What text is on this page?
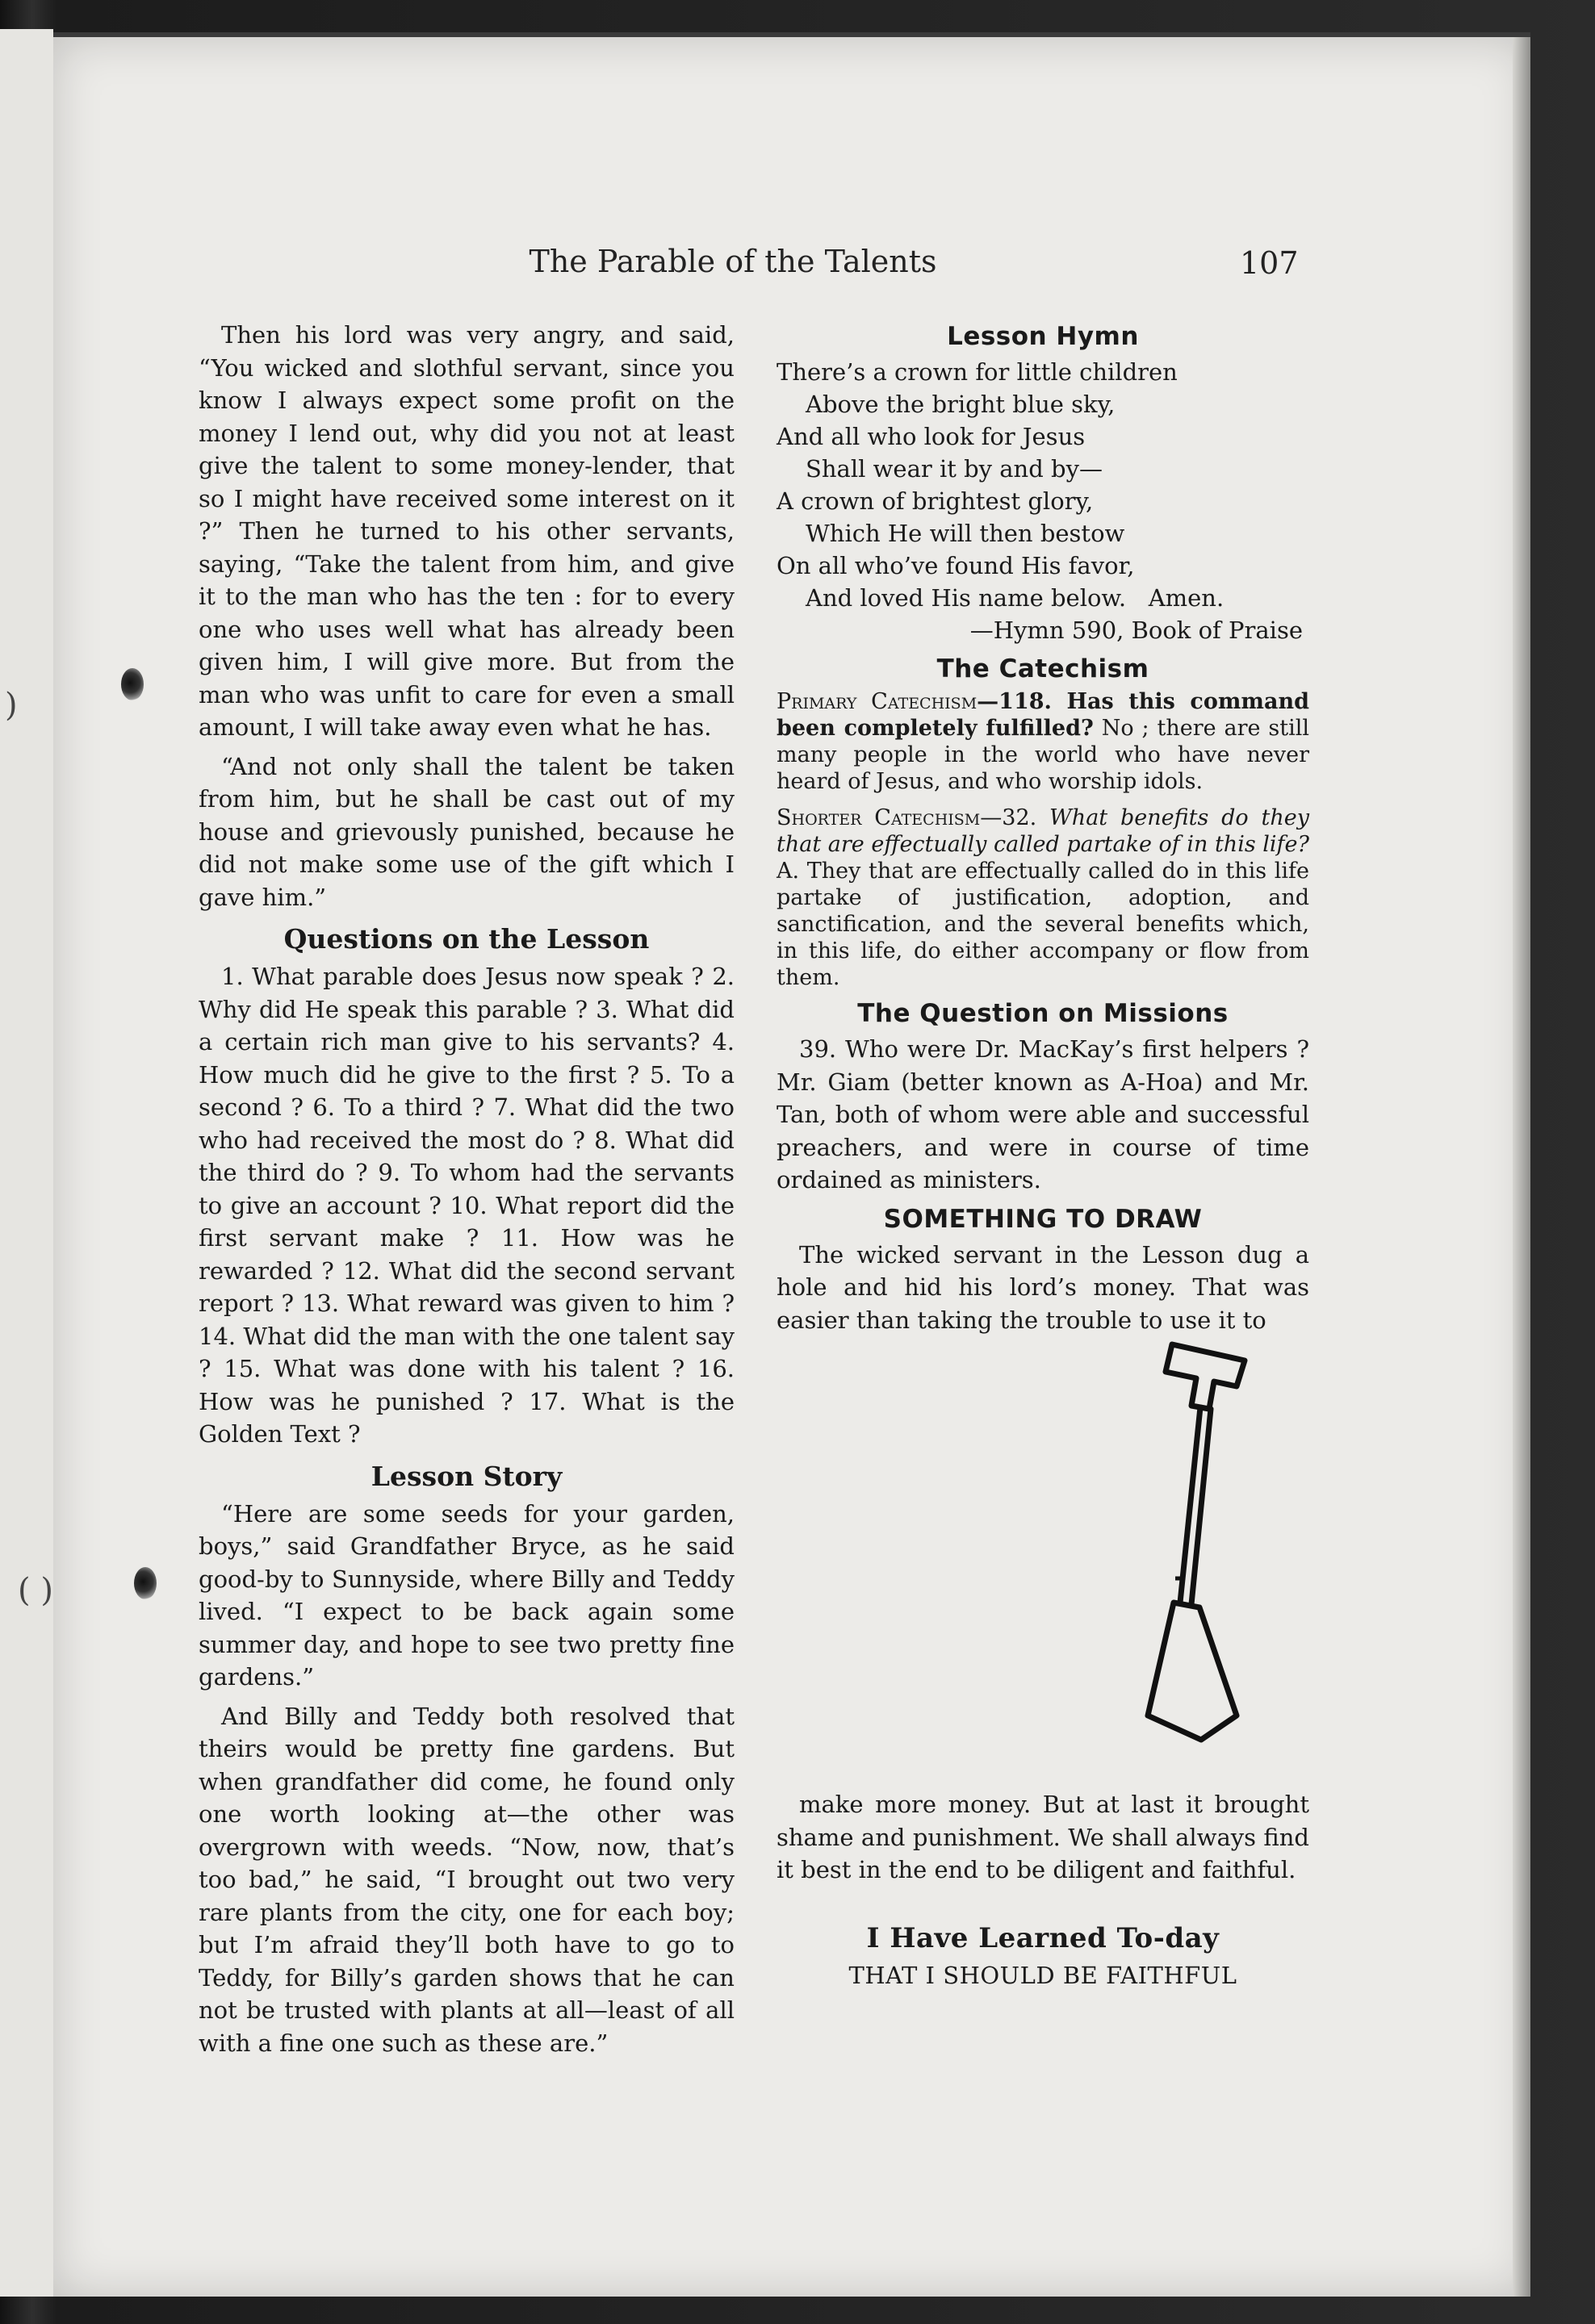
)
( )
The Parable of the Talents	107

Then his lord was very angry, and said, “You wicked and slothful servant, since you know I always expect some profit on the money I lend out, why did you not at least give the talent to some money-lender, that so I might have received some interest on it ?” Then he turned to his other servants, saying, “Take the talent from him, and give it to the man who has the ten : for to every one who uses well what has already been given him, I will give more. But from the man who was unfit to care for even a small amount, I will take away even what he has.

“And not only shall the talent be taken from him, but he shall be cast out of my house and grievously punished, because he did not make some use of the gift which I gave him.”

Questions on the Lesson

1. What parable does Jesus now speak ? 2. Why did He speak this parable ? 3. What did a certain rich man give to his servants? 4. How much did he give to the first ? 5. To a second ? 6. To a third ? 7. What did the two who had received the most do ? 8. What did the third do ? 9. To whom had the servants to give an account ? 10. What report did the first servant make ? 11. How was he rewarded ? 12. What did the second servant report ? 13. What reward was given to him ? 14. What did the man with the one talent say ? 15. What was done with his talent ? 16. How was he punished ? 17. What is the Golden Text ?

Lesson Story

“Here are some seeds for your garden, boys,” said Grandfather Bryce, as he said good-by to Sunnyside, where Billy and Teddy lived. “I expect to be back again some summer day, and hope to see two pretty fine gardens.”

And Billy and Teddy both resolved that theirs would be pretty fine gardens. But when grandfather did come, he found only one worth looking at—the other was overgrown with weeds. “Now, now, that’s too bad,” he said, “I brought out two very rare plants from the city, one for each boy; but I’m afraid they’ll both have to go to Teddy, for Billy’s garden shows that he can not be trusted with plants at all—least of all with a fine one such as these are.”

Lesson Hymn
There’s a crown for little children
Above the bright blue sky,
And all who look for Jesus
Shall wear it by and by—
A crown of brightest glory,
Which He will then bestow
On all who’ve found His favor,
And loved His name below.   Amen.
—Hymn 590, Book of Praise
The Catechism

Primary Catechism—118. Has this command been completely fulfilled? No ; there are still many people in the world who have never heard of Jesus, and who worship idols.

Shorter Catechism—32. What benefits do they that are effectually called partake of in this life? A. They that are effectually called do in this life partake of justification, adoption, and sanctification, and the several benefits which, in this life, do either accompany or flow from them.

The Question on Missions

39. Who were Dr. MacKay’s first helpers ? Mr. Giam (better known as A-Hoa) and Mr. Tan, both of whom were able and successful preachers, and were in course of time ordained as ministers.

SOMETHING TO DRAW

The wicked servant in the Lesson dug a hole and hid his lord’s money. That was easier than taking the trouble to use it to

make more money. But at last it brought shame and punishment. We shall always find it best in the end to be diligent and faithful.

I Have Learned To-day
THAT I SHOULD BE FAITHFUL
